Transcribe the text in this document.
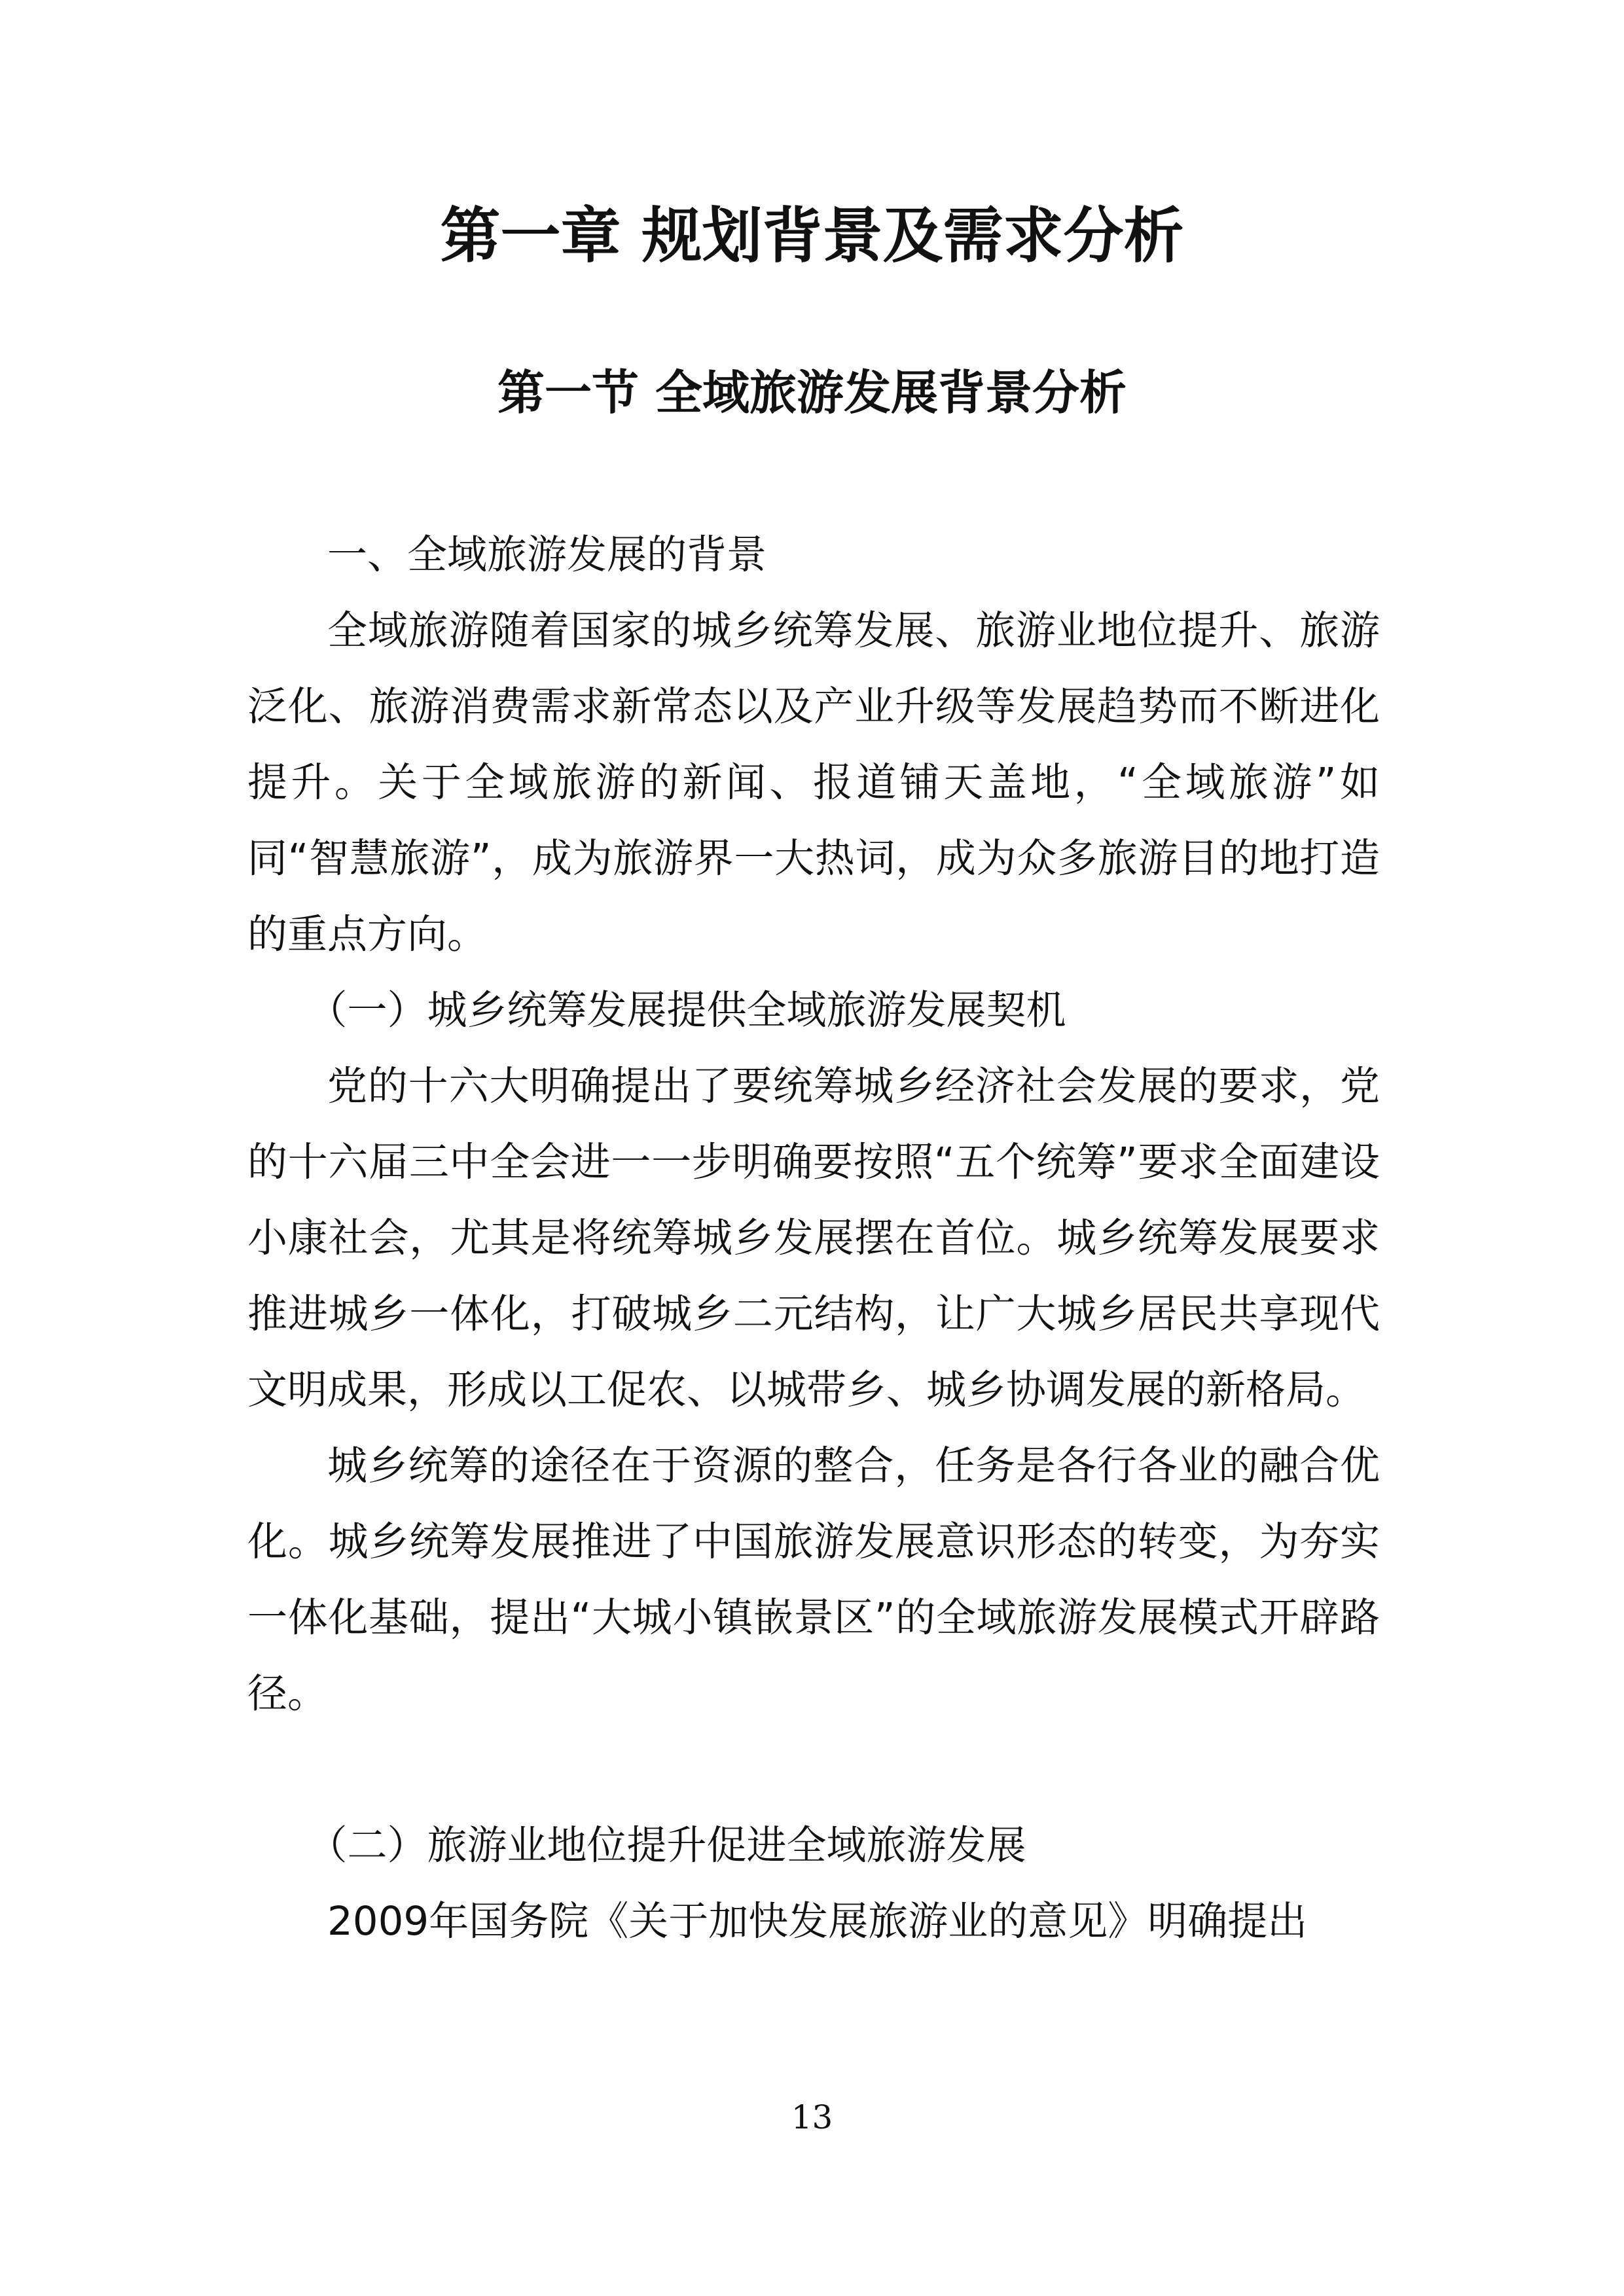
第一章 规划背景及需求分析
第一节 全域旅游发展背景分析

一、全域旅游发展的背景

全域旅游随着国家的城乡统筹发展、旅游业地位提升、旅游泛化、旅游消费需求新常态以及产业升级等发展趋势而不断进化提升。关于全域旅游的新闻、报道铺天盖地，“全域旅游”如同“智慧旅游”，成为旅游界一大热词，成为众多旅游目的地打造的重点方向。

（一）城乡统筹发展提供全域旅游发展契机

党的十六大明确提出了要统筹城乡经济社会发展的要求，党的十六届三中全会进一一步明确要按照“五个统筹”要求全面建设小康社会，尤其是将统筹城乡发展摆在首位。城乡统筹发展要求推进城乡一体化，打破城乡二元结构，让广大城乡居民共享现代文明成果，形成以工促农、以城带乡、城乡协调发展的新格局。

城乡统筹的途径在于资源的整合，任务是各行各业的融合优化。城乡统筹发展推进了中国旅游发展意识形态的转变，为夯实一体化基础，提出“大城小镇嵌景区”的全域旅游发展模式开辟路径。

（二）旅游业地位提升促进全域旅游发展

2009年国务院《关于加快发展旅游业的意见》明确提出

13
